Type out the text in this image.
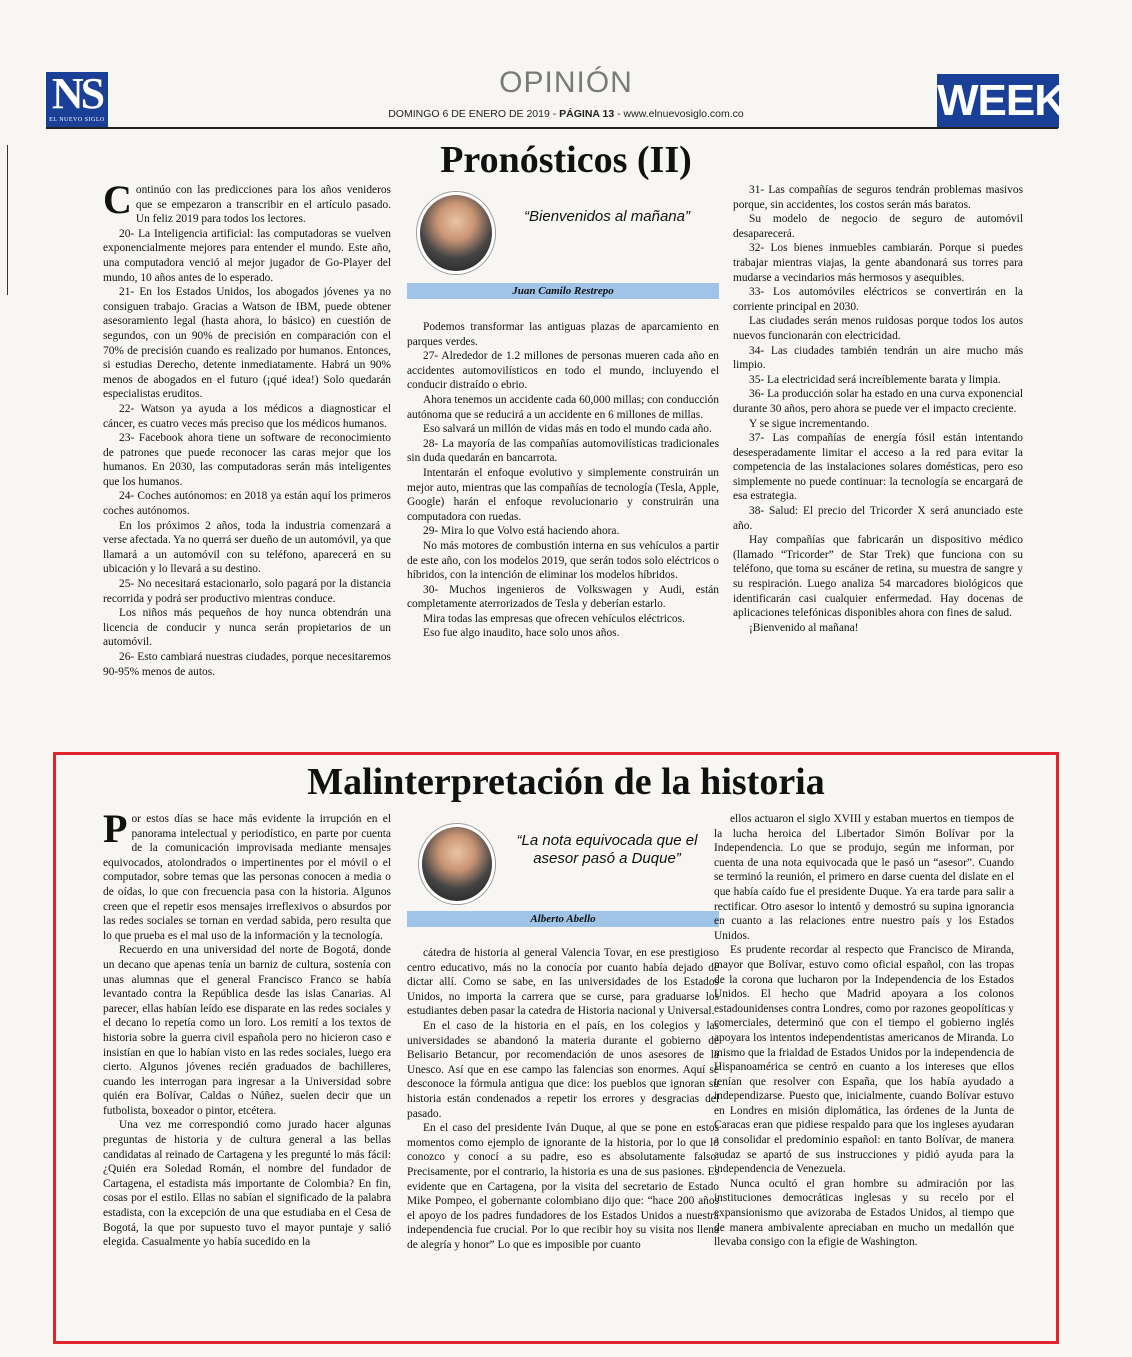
NS
EL NUEVO SIGLO
OPINIÓN
DOMINGO 6 DE ENERO DE 2019 - PÁGINA 13 - www.elnuevosiglo.com.co	WEEK
Pronósticos (II)

Continúo con las predicciones para los años venideros que se empezaron a transcribir en el artículo pasado. Un feliz 2019 para todos los lectores.

20- La Inteligencia artificial: las computadoras se vuelven exponencialmente mejores para entender el mundo. Este año, una computadora venció al mejor jugador de Go-Player del mundo, 10 años antes de lo esperado.

21- En los Estados Unidos, los abogados jóvenes ya no consiguen trabajo. Gracias a Watson de IBM, puede obtener asesoramiento legal (hasta ahora, lo básico) en cuestión de segundos, con un 90% de precisión en comparación con el 70% de precisión cuando es realizado por humanos. Entonces, si estudias Derecho, detente inmediatamente. Habrá un 90% menos de abogados en el futuro (¡qué idea!) Solo quedarán especialistas eruditos.

22- Watson ya ayuda a los médicos a diagnosticar el cáncer, es cuatro veces más preciso que los médicos humanos.

23- Facebook ahora tiene un software de reconocimiento de patrones que puede reconocer las caras mejor que los humanos. En 2030, las computadoras serán más inteligentes que los humanos.

24- Coches autónomos: en 2018 ya están aquí los primeros coches autónomos.

En los próximos 2 años, toda la industria comenzará a verse afectada. Ya no querrá ser dueño de un automóvil, ya que llamará a un automóvil con su teléfono, aparecerá en su ubicación y lo llevará a su destino.

25- No necesitará estacionarlo, solo pagará por la distancia recorrida y podrá ser productivo mientras conduce.

Los niños más pequeños de hoy nunca obtendrán una licencia de conducir y nunca serán propietarios de un automóvil.

26- Esto cambiará nuestras ciudades, porque necesitaremos 90-95% menos de autos.

“Bienvenidos al mañana”
Juan Camilo Restrepo

Podemos transformar las antiguas plazas de aparcamiento en parques verdes.

27- Alrededor de 1.2 millones de personas mueren cada año en accidentes automovilísticos en todo el mundo, incluyendo el conducir distraído o ebrio.

Ahora tenemos un accidente cada 60,000 millas; con conducción autónoma que se reducirá a un accidente en 6 millones de millas.

Eso salvará un millón de vidas más en todo el mundo cada año.

28- La mayoría de las compañías automovilísticas tradicionales sin duda quedarán en bancarrota.

Intentarán el enfoque evolutivo y simplemente construirán un mejor auto, mientras que las compañías de tecnología (Tesla, Apple, Google) harán el enfoque revolucionario y construirán una computadora con ruedas.

29- Mira lo que Volvo está haciendo ahora.

No más motores de combustión interna en sus vehículos a partir de este año, con los modelos 2019, que serán todos solo eléctricos o híbridos, con la intención de eliminar los modelos híbridos.

30- Muchos ingenieros de Volkswagen y Audi, están completamente aterrorizados de Tesla y deberían estarlo.

Mira todas las empresas que ofrecen vehículos eléctricos.

Eso fue algo inaudito, hace solo unos años.

31- Las compañías de seguros tendrán problemas masivos porque, sin accidentes, los costos serán más baratos.

Su modelo de negocio de seguro de automóvil desaparecerá.

32- Los bienes inmuebles cambiarán. Porque si puedes trabajar mientras viajas, la gente abandonará sus torres para mudarse a vecindarios más hermosos y asequibles.

33- Los automóviles eléctricos se convertirán en la corriente principal en 2030.

Las ciudades serán menos ruidosas porque todos los autos nuevos funcionarán con electricidad.

34- Las ciudades también tendrán un aire mucho más limpio.

35- La electricidad será increíblemente barata y limpia.

36- La producción solar ha estado en una curva exponencial durante 30 años, pero ahora se puede ver el impacto creciente.

Y se sigue incrementando.

37- Las compañías de energía fósil están intentando desesperadamente limitar el acceso a la red para evitar la competencia de las instalaciones solares domésticas, pero eso simplemente no puede continuar: la tecnología se encargará de esa estrategia.

38- Salud: El precio del Tricorder X será anunciado este año.

Hay compañías que fabricarán un dispositivo médico (llamado “Tricorder” de Star Trek) que funciona con su teléfono, que toma su escáner de retina, su muestra de sangre y su respiración. Luego analiza 54 marcadores biológicos que identificarán casi cualquier enfermedad. Hay docenas de aplicaciones telefónicas disponibles ahora con fines de salud.

¡Bienvenido al mañana!

Malinterpretación de la historia

Por estos días se hace más evidente la irrupción en el panorama intelectual y periodístico, en parte por cuenta de la comunicación improvisada mediante mensajes equivocados, atolondrados o impertinentes por el móvil o el computador, sobre temas que las personas conocen a media o de oídas, lo que con frecuencia pasa con la historia. Algunos creen que el repetir esos mensajes irreflexivos o absurdos por las redes sociales se tornan en verdad sabida, pero resulta que lo que prueba es el mal uso de la información y la tecnología.

Recuerdo en una universidad del norte de Bogotá, donde un decano que apenas tenía un barniz de cultura, sostenía con unas alumnas que el general Francisco Franco se había levantado contra la República desde las islas Canarias. Al parecer, ellas habían leído ese disparate en las redes sociales y el decano lo repetía como un loro. Los remití a los textos de historia sobre la guerra civil española pero no hicieron caso e insistían en que lo habían visto en las redes sociales, luego era cierto. Algunos jóvenes recién graduados de bachilleres, cuando les interrogan para ingresar a la Universidad sobre quién era Bolívar, Caldas o Núñez, suelen decir que un futbolista, boxeador o pintor, etcétera.

Una vez me correspondió como jurado hacer algunas preguntas de historia y de cultura general a las bellas candidatas al reinado de Cartagena y les pregunté lo más fácil: ¿Quién era Soledad Román, el nombre del fundador de Cartagena, el estadista más importante de Colombia? En fin, cosas por el estilo. Ellas no sabían el significado de la palabra estadista, con la excepción de una que estudiaba en el Cesa de Bogotá, la que por supuesto tuvo el mayor puntaje y salió elegida. Casualmente yo había sucedido en la

“La nota equivocada que el asesor pasó a Duque”
Alberto Abello

cátedra de historia al general Valencia Tovar, en ese prestigioso centro educativo, más no la conocía por cuanto había dejado de dictar allí. Como se sabe, en las universidades de los Estados Unidos, no importa la carrera que se curse, para graduarse los estudiantes deben pasar la catedra de Historia nacional y Universal.

En el caso de la historia en el país, en los colegios y las universidades se abandonó la materia durante el gobierno de Belisario Betancur, por recomendación de unos asesores de la Unesco. Así que en ese campo las falencias son enormes. Aquí se desconoce la fórmula antigua que dice: los pueblos que ignoran su historia están condenados a repetir los errores y desgracias del pasado.

En el caso del presidente Iván Duque, al que se pone en estos momentos como ejemplo de ignorante de la historia, por lo que lo conozco y conocí a su padre, eso es absolutamente falso. Precisamente, por el contrario, la historia es una de sus pasiones. Es evidente que en Cartagena, por la visita del secretario de Estado Mike Pompeo, el gobernante colombiano dijo que: “hace 200 años el apoyo de los padres fundadores de los Estados Unidos a nuestra independencia fue crucial. Por lo que recibir hoy su visita nos llena de alegría y honor” Lo que es imposible por cuanto

ellos actuaron el siglo XVIII y estaban muertos en tiempos de la lucha heroica del Libertador Simón Bolívar por la Independencia. Lo que se produjo, según me informan, por cuenta de una nota equivocada que le pasó un “asesor”. Cuando se terminó la reunión, el primero en darse cuenta del dislate en el que había caído fue el presidente Duque. Ya era tarde para salir a rectificar. Otro asesor lo intentó y demostró su supina ignorancia en cuanto a las relaciones entre nuestro país y los Estados Unidos.

Es prudente recordar al respecto que Francisco de Miranda, mayor que Bolívar, estuvo como oficial español, con las tropas de la corona que lucharon por la Independencia de los Estados Unidos. El hecho que Madrid apoyara a los colonos estadounidenses contra Londres, como por razones geopolíticas y comerciales, determinó que con el tiempo el gobierno inglés apoyara los intentos independentistas americanos de Miranda. Lo mismo que la frialdad de Estados Unidos por la independencia de Hispanoamérica se centró en cuanto a los intereses que ellos tenían que resolver con España, que los había ayudado a independizarse. Puesto que, inicialmente, cuando Bolívar estuvo en Londres en misión diplomática, las órdenes de la Junta de Caracas eran que pidiese respaldo para que los ingleses ayudaran a consolidar el predominio español: en tanto Bolívar, de manera audaz se apartó de sus instrucciones y pidió ayuda para la independencia de Venezuela.

Nunca ocultó el gran hombre su admiración por las instituciones democráticas inglesas y su recelo por el expansionismo que avizoraba de Estados Unidos, al tiempo que de manera ambivalente apreciaban en mucho un medallón que llevaba consigo con la efigie de Washington.
